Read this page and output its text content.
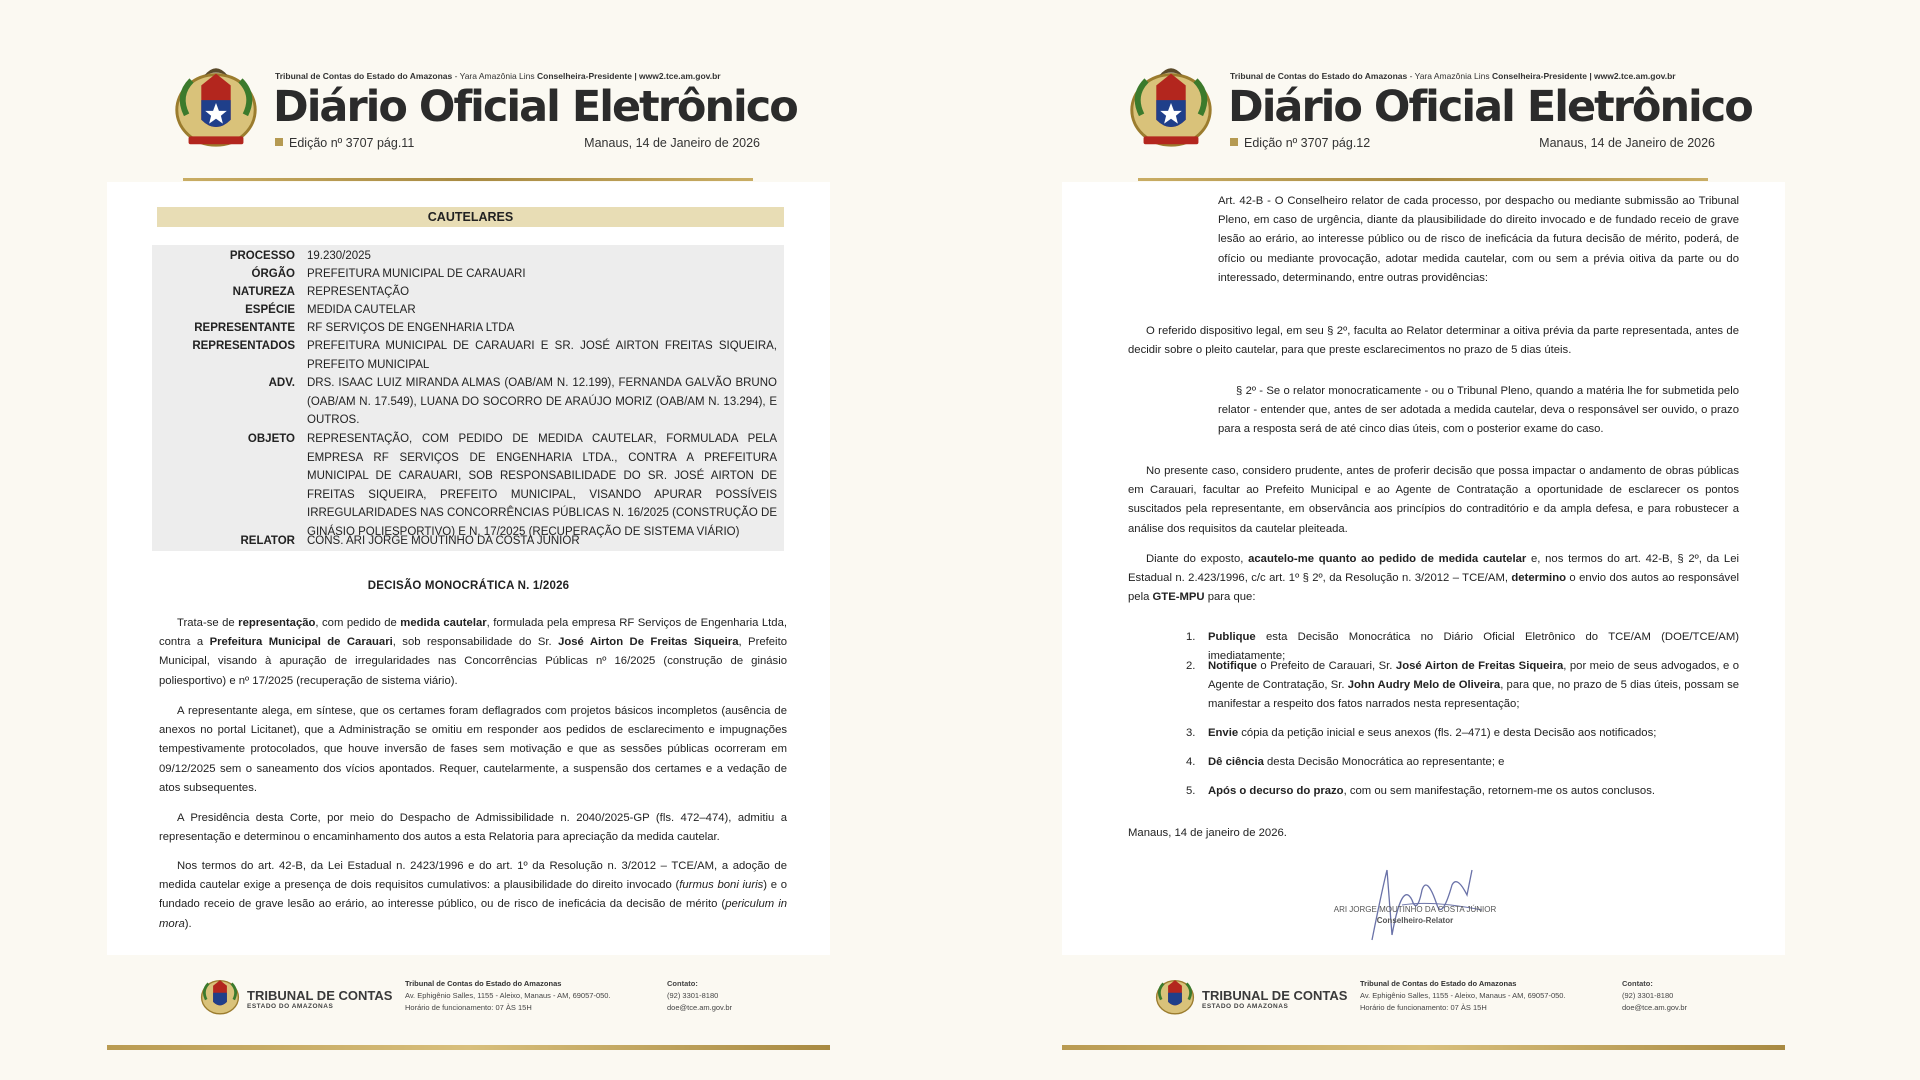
Tribunal de Contas do Estado do Amazonas - Yara Amazônia Lins Conselheira-Presidente | www2.tce.am.gov.br
Diário Oficial Eletrônico
Edição nº 3707 pág.11	Manaus, 14 de Janeiro de 2026
CAUTELARES
PROCESSO 19.230/2025
ÓRGÃO PREFEITURA MUNICIPAL DE CARAUARI
NATUREZA REPRESENTAÇÃO
ESPÉCIE MEDIDA CAUTELAR
REPRESENTANTE RF SERVIÇOS DE ENGENHARIA LTDA
REPRESENTADOS PREFEITURA MUNICIPAL DE CARAUARI E SR. JOSÉ AIRTON FREITAS SIQUEIRA, PREFEITO MUNICIPAL
ADV. DRS. ISAAC LUIZ MIRANDA ALMAS (OAB/AM N. 12.199), FERNANDA GALVÃO BRUNO (OAB/AM N. 17.549), LUANA DO SOCORRO DE ARAÚJO MORIZ (OAB/AM N. 13.294), E OUTROS.
OBJETO REPRESENTAÇÃO, COM PEDIDO DE MEDIDA CAUTELAR, FORMULADA PELA EMPRESA RF SERVIÇOS DE ENGENHARIA LTDA., CONTRA A PREFEITURA MUNICIPAL DE CARAUARI, SOB RESPONSABILIDADE DO SR. JOSÉ AIRTON DE FREITAS SIQUEIRA, PREFEITO MUNICIPAL, VISANDO APURAR POSSÍVEIS IRREGULARIDADES NAS CONCORRÊNCIAS PÚBLICAS N. 16/2025 (CONSTRUÇÃO DE GINÁSIO POLIESPORTIVO) E N. 17/2025 (RECUPERAÇÃO DE SISTEMA VIÁRIO)
RELATOR CONS. ARI JORGE MOUTINHO DA COSTA JÚNIOR
DECISÃO MONOCRÁTICA N. 1/2026
Trata-se de representação, com pedido de medida cautelar, formulada pela empresa RF Serviços de Engenharia Ltda, contra a Prefeitura Municipal de Carauari, sob responsabilidade do Sr. José Airton De Freitas Siqueira, Prefeito Municipal, visando à apuração de irregularidades nas Concorrências Públicas nº 16/2025 (construção de ginásio poliesportivo) e nº 17/2025 (recuperação de sistema viário).
A representante alega, em síntese, que os certames foram deflagrados com projetos básicos incompletos (ausência de anexos no portal Licitanet), que a Administração se omitiu em responder aos pedidos de esclarecimento e impugnações tempestivamente protocolados, que houve inversão de fases sem motivação e que as sessões públicas ocorreram em 09/12/2025 sem o saneamento dos vícios apontados. Requer, cautelarmente, a suspensão dos certames e a vedação de atos subsequentes.
A Presidência desta Corte, por meio do Despacho de Admissibilidade n. 2040/2025-GP (fls. 472–474), admitiu a representação e determinou o encaminhamento dos autos a esta Relatoria para apreciação da medida cautelar.
Nos termos do art. 42-B, da Lei Estadual n. 2423/1996 e do art. 1º da Resolução n. 3/2012 – TCE/AM, a adoção de medida cautelar exige a presença de dois requisitos cumulativos: a plausibilidade do direito invocado (furmus boni iuris) e o fundado receio de grave lesão ao erário, ao interesse público, ou de risco de ineficácia da decisão de mérito (periculum in mora).
TRIBUNAL DE CONTAS
ESTADO DO AMAZONAS
Tribunal de Contas do Estado do Amazonas
Av. Ephigênio Salles, 1155 - Aleixo, Manaus - AM, 69057-050.
Horário de funcionamento: 07 ÀS 15H
Contato:
(92) 3301-8180
doe@tce.am.gov.br
Tribunal de Contas do Estado do Amazonas - Yara Amazônia Lins Conselheira-Presidente | www2.tce.am.gov.br
Diário Oficial Eletrônico
Edição nº 3707 pág.12	Manaus, 14 de Janeiro de 2026
Art. 42-B - O Conselheiro relator de cada processo, por despacho ou mediante submissão ao Tribunal Pleno, em caso de urgência, diante da plausibilidade do direito invocado e de fundado receio de grave lesão ao erário, ao interesse público ou de risco de ineficácia da futura decisão de mérito, poderá, de ofício ou mediante provocação, adotar medida cautelar, com ou sem a prévia oitiva da parte ou do interessado, determinando, entre outras providências:
O referido dispositivo legal, em seu § 2º, faculta ao Relator determinar a oitiva prévia da parte representada, antes de decidir sobre o pleito cautelar, para que preste esclarecimentos no prazo de 5 dias úteis.
§ 2º - Se o relator monocraticamente - ou o Tribunal Pleno, quando a matéria lhe for submetida pelo relator - entender que, antes de ser adotada a medida cautelar, deva o responsável ser ouvido, o prazo para a resposta será de até cinco dias úteis, com o posterior exame do caso.
No presente caso, considero prudente, antes de proferir decisão que possa impactar o andamento de obras públicas em Carauari, facultar ao Prefeito Municipal e ao Agente de Contratação a oportunidade de esclarecer os pontos suscitados pela representante, em observância aos princípios do contraditório e da ampla defesa, e para robustecer a análise dos requisitos da cautelar pleiteada.
Diante do exposto, acautelo-me quanto ao pedido de medida cautelar e, nos termos do art. 42-B, § 2º, da Lei Estadual n. 2.423/1996, c/c art. 1º § 2º, da Resolução n. 3/2012 – TCE/AM, determino o envio dos autos ao responsável pela GTE-MPU para que:
1. Publique esta Decisão Monocrática no Diário Oficial Eletrônico do TCE/AM (DOE/TCE/AM) imediatamente;
2. Notifique o Prefeito de Carauari, Sr. José Airton de Freitas Siqueira, por meio de seus advogados, e o Agente de Contratação, Sr. John Audry Melo de Oliveira, para que, no prazo de 5 dias úteis, possam se manifestar a respeito dos fatos narrados nesta representação;
3. Envie cópia da petição inicial e seus anexos (fls. 2–471) e desta Decisão aos notificados;
4. Dê ciência desta Decisão Monocrática ao representante; e
5. Após o decurso do prazo, com ou sem manifestação, retornem-me os autos conclusos.
Manaus, 14 de janeiro de 2026.
ARI JORGE MOUTINHO DA COSTA JÚNIOR
Conselheiro-Relator
TRIBUNAL DE CONTAS
ESTADO DO AMAZONAS
Tribunal de Contas do Estado do Amazonas
Av. Ephigênio Salles, 1155 - Aleixo, Manaus - AM, 69057-050.
Horário de funcionamento: 07 ÀS 15H
Contato:
(92) 3301-8180
doe@tce.am.gov.br
